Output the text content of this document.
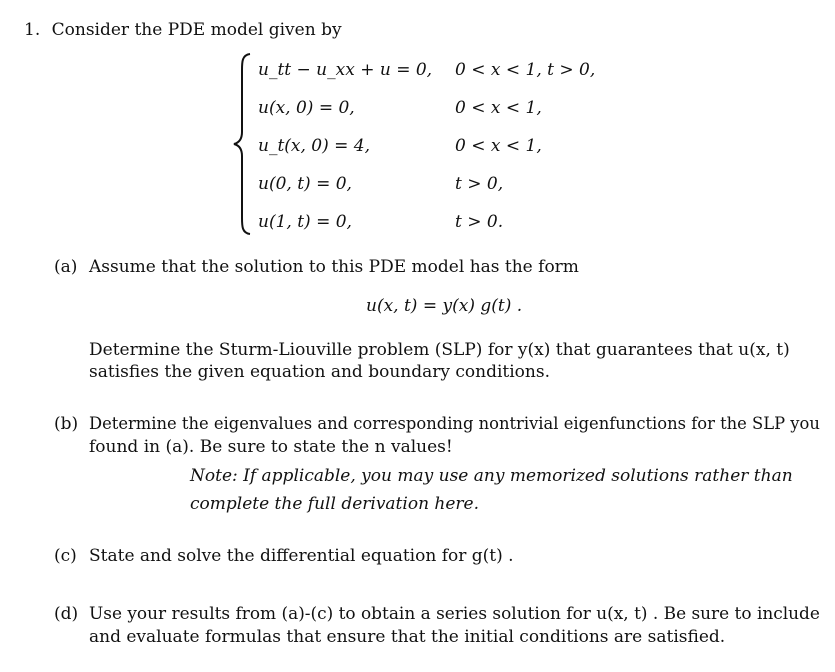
1. Consider the PDE model given by
u_tt − u_xx + u = 0, 0 < x < 1, t > 0,
u(x, 0) = 0,	0 < x < 1,
u_t(x, 0) = 4,	0 < x < 1,
u(0, t) = 0,	t > 0,
u(1, t) = 0,	t > 0.
(a) Assume that the solution to this PDE model has the form
u(x, t) = y(x) g(t) .
Determine the Sturm-Liouville problem (SLP) for y(x) that guarantees that u(x, t)
satisfies the given equation and boundary conditions.
(b) Determine the eigenvalues and corresponding nontrivial eigenfunctions for the SLP you
found in (a). Be sure to state the n values!
Note: If applicable, you may use any memorized solutions rather than
complete the full derivation here.
(c) State and solve the differential equation for g(t) .
(d) Use your results from (a)-(c) to obtain a series solution for u(x, t) . Be sure to include
and evaluate formulas that ensure that the initial conditions are satisfied.
